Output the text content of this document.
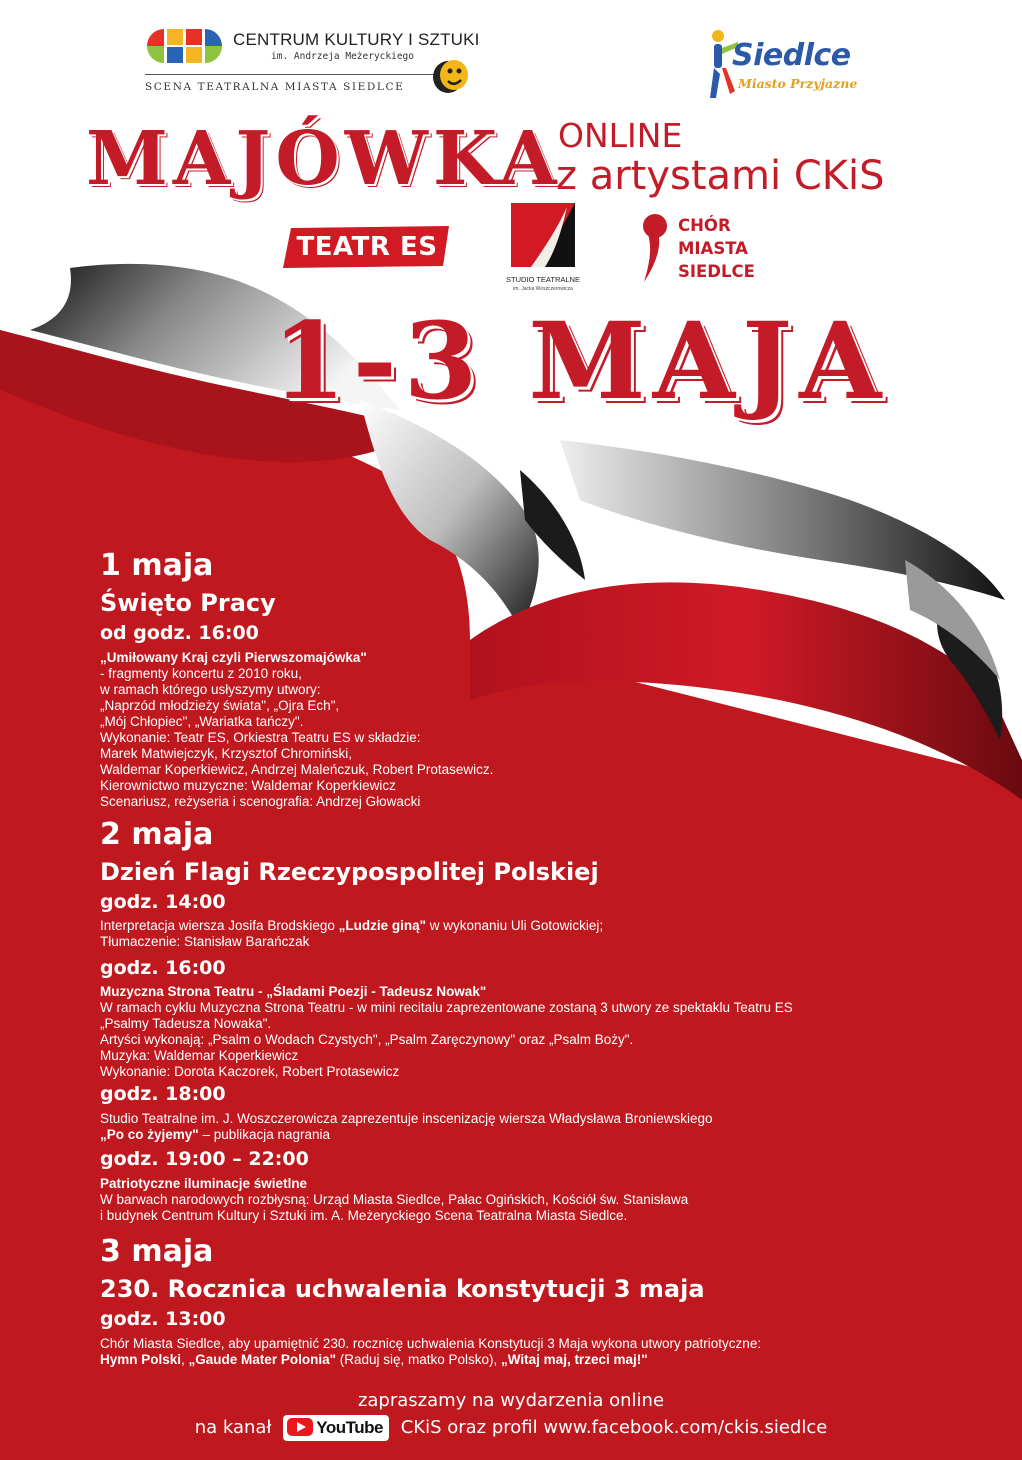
CENTRUM KULTURY I SZTUKI
im. Andrzeja Meżeryckiego
SCENA TEATRALNA MIASTA SIEDLCE
Siedlce
Miasto Przyjazne
MAJÓWKA
ONLINE
z artystami CKiS
TEATR ES
STUDIO TEATRALNE
im. Jacka Woszczerowicza
CHÓR MIASTA SIEDLCE
1-3 MAJA
1 maja
Święto Pracy
od godz. 16:00
„Umiłowany Kraj czyli Pierwszomajówka"
- fragmenty koncertu z 2010 roku,
w ramach którego usłyszymy utwory:
„Naprzód młodzieży świata", „Ojra Ech",
„Mój Chłopiec", „Wariatka tańczy".
Wykonanie: Teatr ES, Orkiestra Teatru ES w składzie:
Marek Matwiejczyk, Krzysztof Chromiński,
Waldemar Koperkiewicz, Andrzej Maleńczuk, Robert Protasewicz.
Kierownictwo muzyczne: Waldemar Koperkiewicz
Scenariusz, reżyseria i scenografia: Andrzej Głowacki
2 maja
Dzień Flagi Rzeczypospolitej Polskiej
godz. 14:00
Interpretacja wiersza Josifa Brodskiego „Ludzie giną" w wykonaniu Uli Gotowickiej;
Tłumaczenie: Stanisław Barańczak
godz. 16:00
Muzyczna Strona Teatru - „Śladami Poezji - Tadeusz Nowak"
W ramach cyklu Muzyczna Strona Teatru - w mini recitalu zaprezentowane zostaną 3 utwory ze spektaklu Teatru ES
„Psalmy Tadeusza Nowaka".
Artyści wykonają: „Psalm o Wodach Czystych", „Psalm Zaręczynowy" oraz „Psalm Boży".
Muzyka: Waldemar Koperkiewicz
Wykonanie: Dorota Kaczorek, Robert Protasewicz
godz. 18:00
Studio Teatralne im. J. Woszczerowicza zaprezentuje inscenizację wiersza Władysława Broniewskiego
„Po co żyjemy" – publikacja nagrania
godz. 19:00 – 22:00
Patriotyczne iluminacje świetlne
W barwach narodowych rozbłysną: Urząd Miasta Siedlce, Pałac Ogińskich, Kościół św. Stanisława
i budynek Centrum Kultury i Sztuki im. A. Meżeryckiego Scena Teatralna Miasta Siedlce.
3 maja
230. Rocznica uchwalenia konstytucji 3 maja
godz. 13:00
Chór Miasta Siedlce, aby upamiętnić 230. rocznicę uchwalenia Konstytucji 3 Maja wykona utwory patriotyczne:
Hymn Polski, „Gaude Mater Polonia" (Raduj się, matko Polsko), „Witaj maj, trzeci maj!"
zapraszamy na wydarzenia online
na kanał	YouTube CKiS oraz profil www.facebook.com/ckis.siedlce
